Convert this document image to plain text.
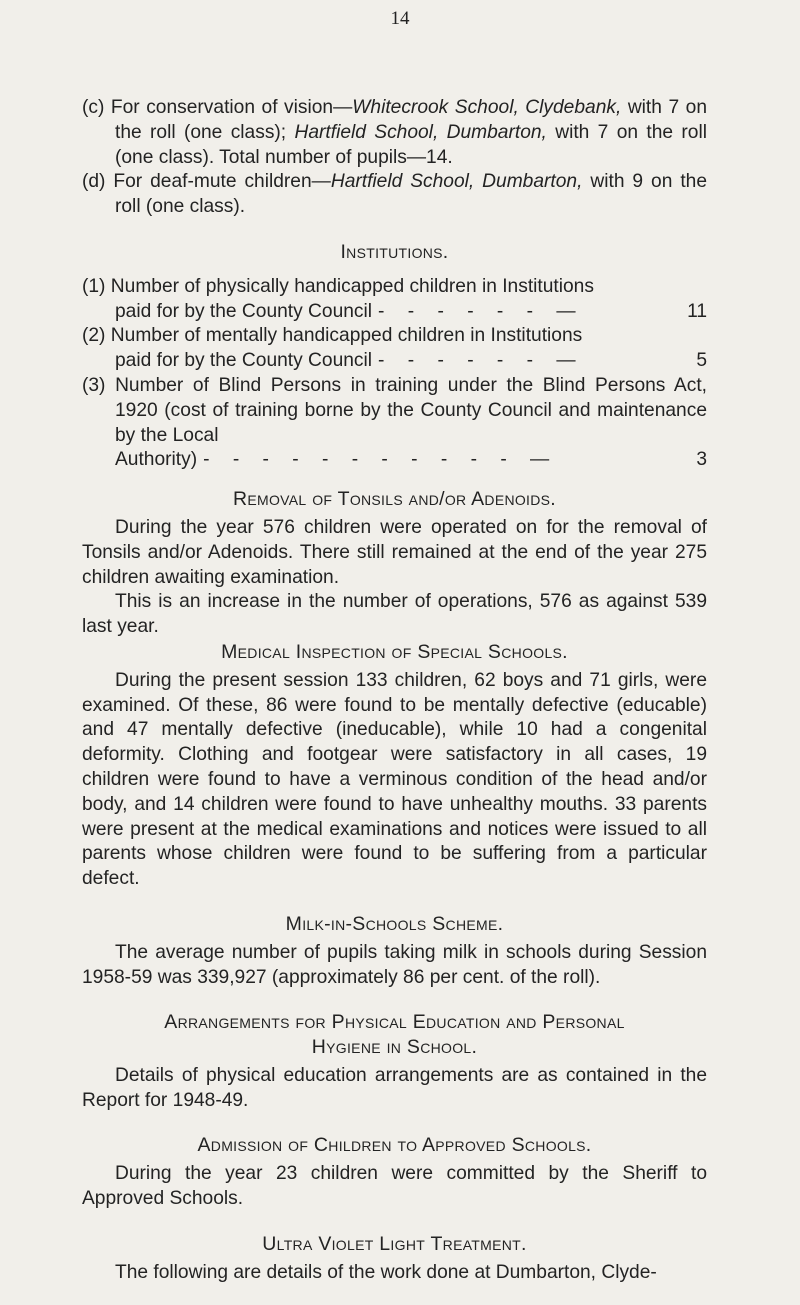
14

(c) For conservation of vision—Whitecrook School, Clydebank, with 7 on the roll (one class); Hartfield School, Dumbarton, with 7 on the roll (one class). Total number of pupils—14.

(d) For deaf-mute children—Hartfield School, Dumbarton, with 9 on the roll (one class).

Institutions.

(1) Number of physically handicapped children in Institutions

paid for by the County Council - - - - - - —	11

(2) Number of mentally handicapped children in Institutions

paid for by the County Council - - - - - - —	5

(3) Number of Blind Persons in training under the Blind Persons Act, 1920 (cost of training borne by the County Council and maintenance by the Local

Authority) - - - - - - - - - - - —	3

Removal of Tonsils and/or Adenoids.

During the year 576 children were operated on for the removal of Tonsils and/or Adenoids. There still remained at the end of the year 275 children awaiting examination.

This is an increase in the number of operations, 576 as against 539 last year.

Medical Inspection of Special Schools.

During the present session 133 children, 62 boys and 71 girls, were examined. Of these, 86 were found to be mentally defective (educable) and 47 mentally defective (ineducable), while 10 had a congenital deformity. Clothing and footgear were satisfactory in all cases, 19 children were found to have a verminous condition of the head and/or body, and 14 children were found to have unhealthy mouths. 33 parents were present at the medical examinations and notices were issued to all parents whose children were found to be suffering from a particular defect.

Milk-in-Schools Scheme.

The average number of pupils taking milk in schools during Session 1958-59 was 339,927 (approximately 86 per cent. of the roll).

Arrangements for Physical Education and Personal

Hygiene in School.

Details of physical education arrangements are as contained in the Report for 1948-49.

Admission of Children to Approved Schools.

During the year 23 children were committed by the Sheriff to Approved Schools.

Ultra Violet Light Treatment.

The following are details of the work done at Dumbarton, Clyde-
